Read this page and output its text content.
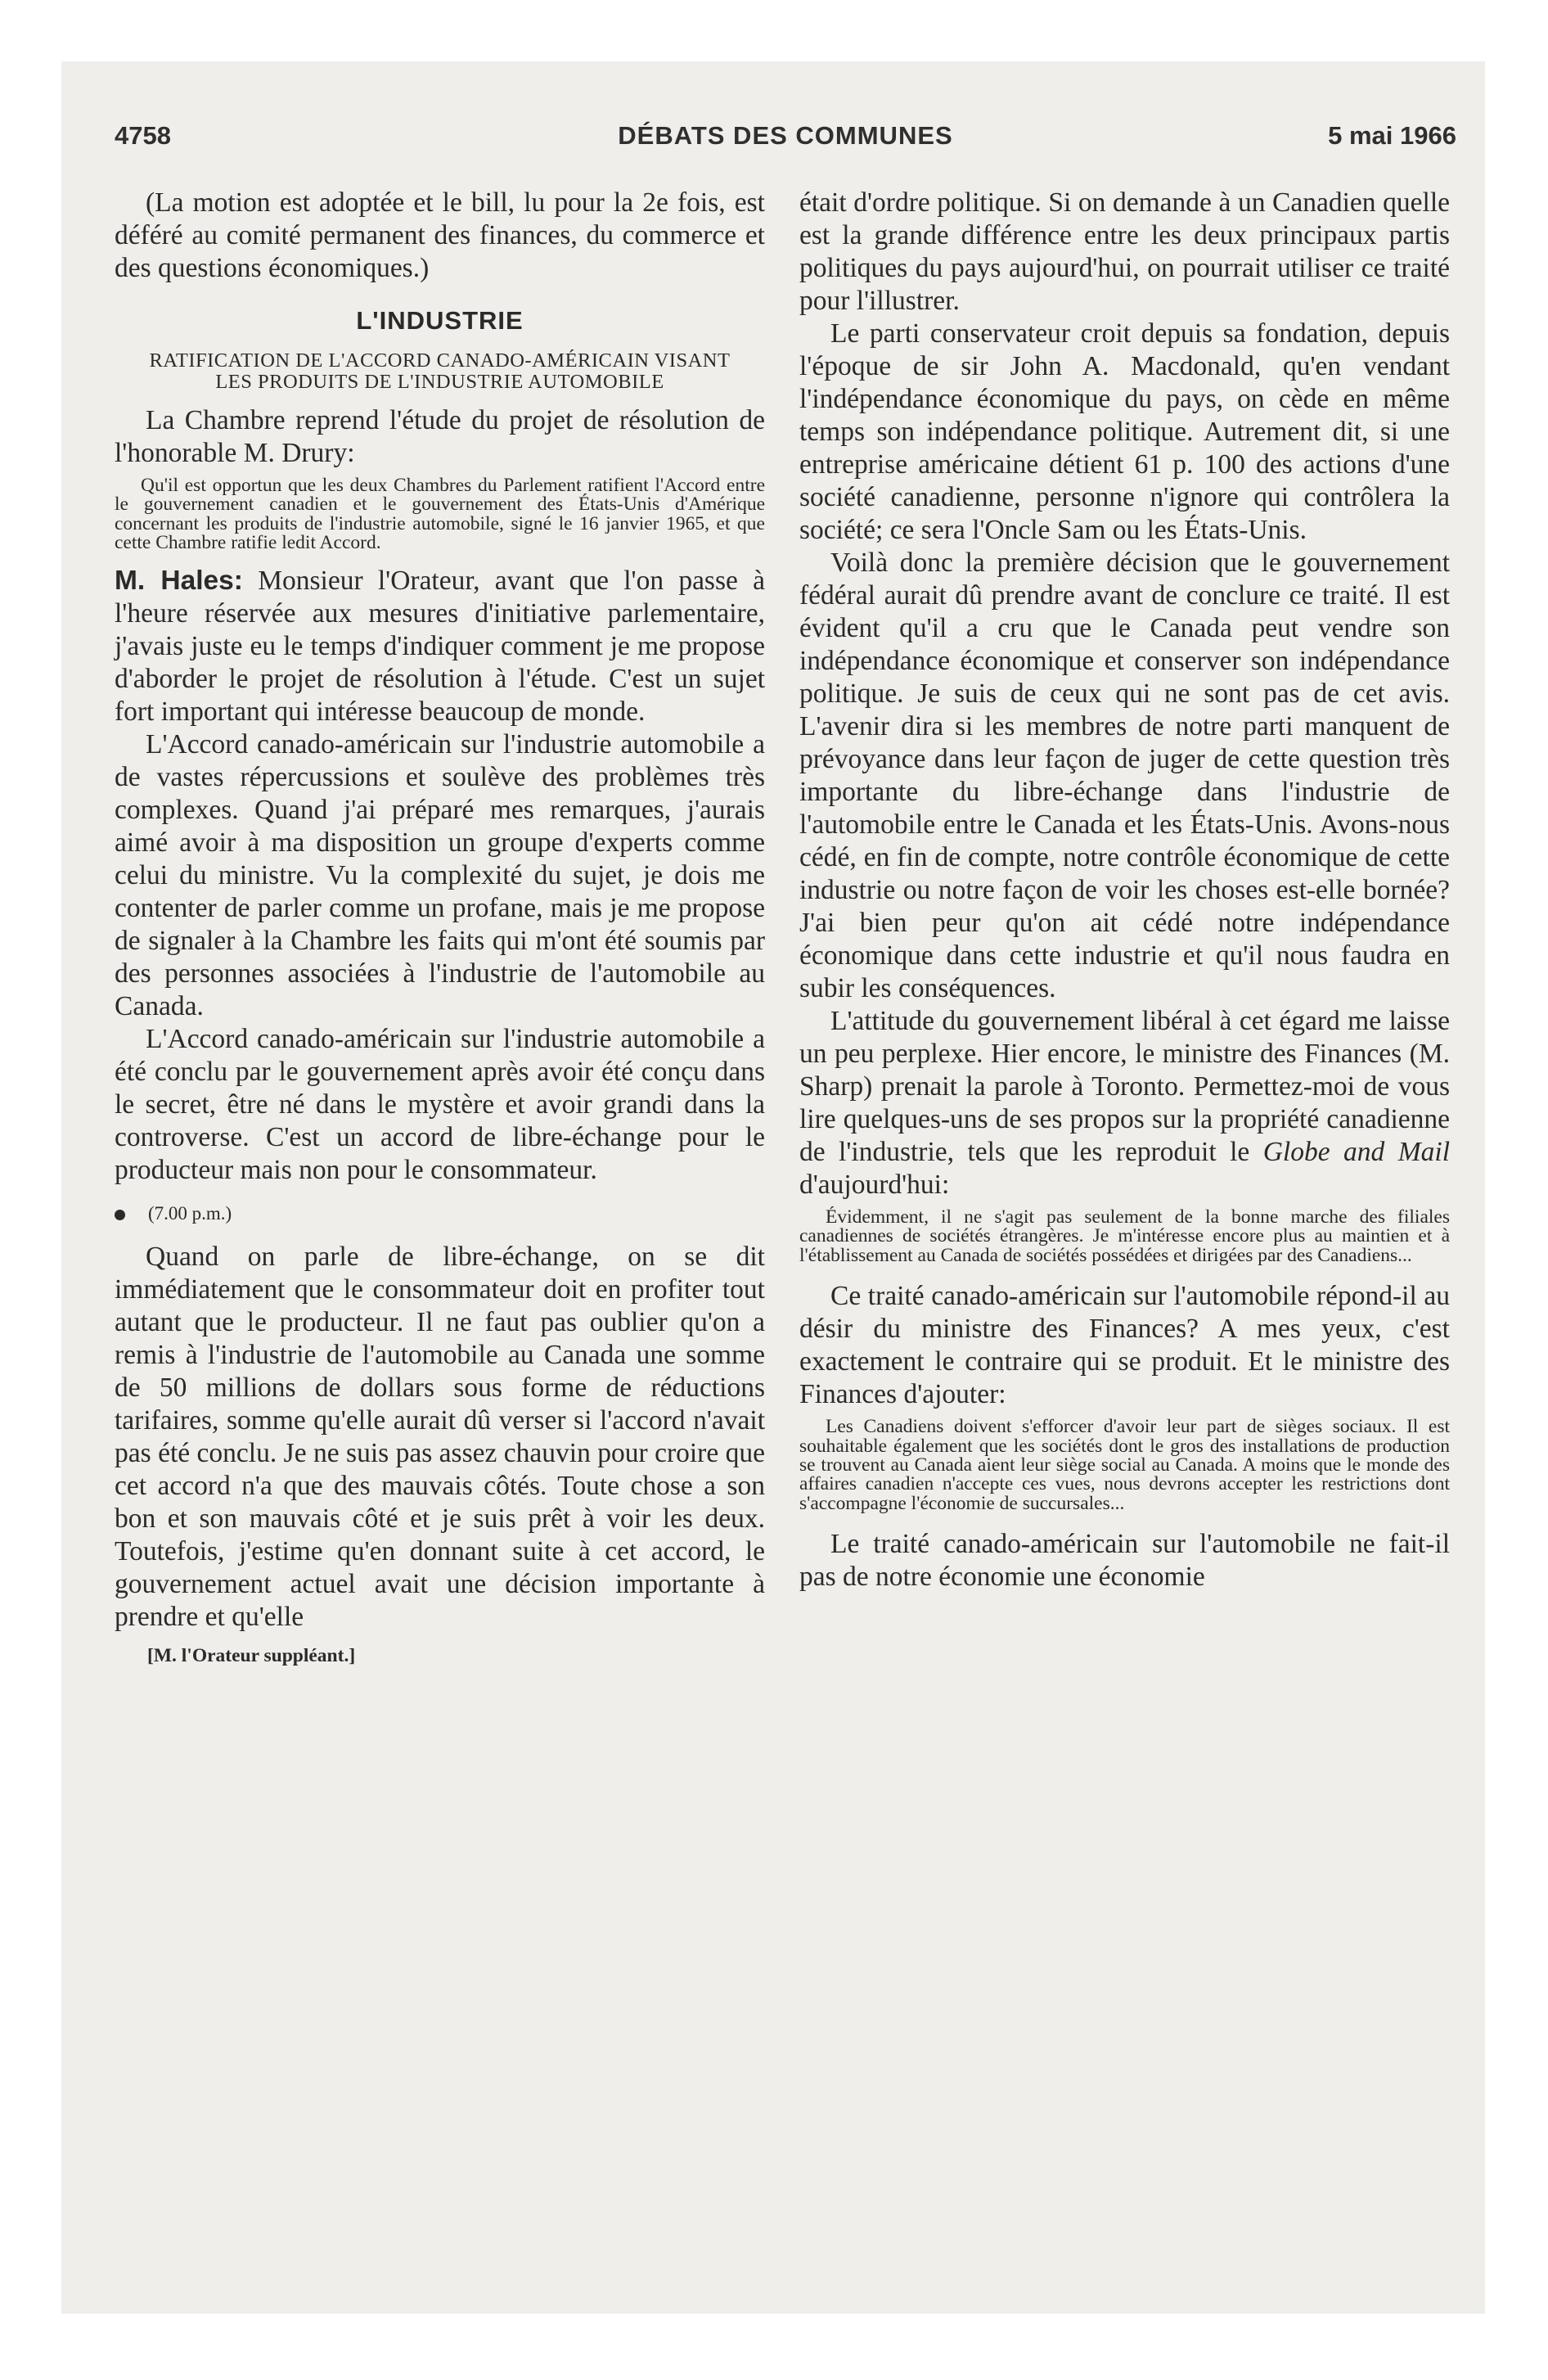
4758	DÉBATS DES COMMUNES	5 mai 1966

(La motion est adoptée et le bill, lu pour la 2e fois, est déféré au comité permanent des finances, du commerce et des questions économiques.)

L'INDUSTRIE
RATIFICATION DE L'ACCORD CANADO-AMÉRICAIN VISANT LES PRODUITS DE L'INDUSTRIE AUTOMOBILE

La Chambre reprend l'étude du projet de résolution de l'honorable M. Drury:

Qu'il est opportun que les deux Chambres du Parlement ratifient l'Accord entre le gouvernement canadien et le gouvernement des États-Unis d'Amérique concernant les produits de l'industrie automobile, signé le 16 janvier 1965, et que cette Chambre ratifie ledit Accord.

M. Hales: Monsieur l'Orateur, avant que l'on passe à l'heure réservée aux mesures d'initiative parlementaire, j'avais juste eu le temps d'indiquer comment je me propose d'aborder le projet de résolution à l'étude. C'est un sujet fort important qui intéresse beaucoup de monde.

L'Accord canado-américain sur l'industrie automobile a de vastes répercussions et soulève des problèmes très complexes. Quand j'ai préparé mes remarques, j'aurais aimé avoir à ma disposition un groupe d'experts comme celui du ministre. Vu la complexité du sujet, je dois me contenter de parler comme un profane, mais je me propose de signaler à la Chambre les faits qui m'ont été soumis par des personnes associées à l'industrie de l'automobile au Canada.

L'Accord canado-américain sur l'industrie automobile a été conclu par le gouvernement après avoir été conçu dans le secret, être né dans le mystère et avoir grandi dans la controverse. C'est un accord de libre-échange pour le producteur mais non pour le consommateur.

(7.00 p.m.)

Quand on parle de libre-échange, on se dit immédiatement que le consommateur doit en profiter tout autant que le producteur. Il ne faut pas oublier qu'on a remis à l'industrie de l'automobile au Canada une somme de 50 millions de dollars sous forme de réductions tarifaires, somme qu'elle aurait dû verser si l'accord n'avait pas été conclu. Je ne suis pas assez chauvin pour croire que cet accord n'a que des mauvais côtés. Toute chose a son bon et son mauvais côté et je suis prêt à voir les deux. Toutefois, j'estime qu'en donnant suite à cet accord, le gouvernement actuel avait une décision importante à prendre et qu'elle

[M. l'Orateur suppléant.]

était d'ordre politique. Si on demande à un Canadien quelle est la grande différence entre les deux principaux partis politiques du pays aujourd'hui, on pourrait utiliser ce traité pour l'illustrer.

Le parti conservateur croit depuis sa fondation, depuis l'époque de sir John A. Macdonald, qu'en vendant l'indépendance économique du pays, on cède en même temps son indépendance politique. Autrement dit, si une entreprise américaine détient 61 p. 100 des actions d'une société canadienne, personne n'ignore qui contrôlera la société; ce sera l'Oncle Sam ou les États-Unis.

Voilà donc la première décision que le gouvernement fédéral aurait dû prendre avant de conclure ce traité. Il est évident qu'il a cru que le Canada peut vendre son indépendance économique et conserver son indépendance politique. Je suis de ceux qui ne sont pas de cet avis. L'avenir dira si les membres de notre parti manquent de prévoyance dans leur façon de juger de cette question très importante du libre-échange dans l'industrie de l'automobile entre le Canada et les États-Unis. Avons-nous cédé, en fin de compte, notre contrôle économique de cette industrie ou notre façon de voir les choses est-elle bornée? J'ai bien peur qu'on ait cédé notre indépendance économique dans cette industrie et qu'il nous faudra en subir les conséquences.

L'attitude du gouvernement libéral à cet égard me laisse un peu perplexe. Hier encore, le ministre des Finances (M. Sharp) prenait la parole à Toronto. Permettez-moi de vous lire quelques-uns de ses propos sur la propriété canadienne de l'industrie, tels que les reproduit le Globe and Mail d'aujourd'hui:

Évidemment, il ne s'agit pas seulement de la bonne marche des filiales canadiennes de sociétés étrangères. Je m'intéresse encore plus au maintien et à l'établissement au Canada de sociétés possédées et dirigées par des Canadiens...

Ce traité canado-américain sur l'automobile répond-il au désir du ministre des Finances? A mes yeux, c'est exactement le contraire qui se produit. Et le ministre des Finances d'ajouter:

Les Canadiens doivent s'efforcer d'avoir leur part de sièges sociaux. Il est souhaitable également que les sociétés dont le gros des installations de production se trouvent au Canada aient leur siège social au Canada. A moins que le monde des affaires canadien n'accepte ces vues, nous devrons accepter les restrictions dont s'accompagne l'économie de succursales...

Le traité canado-américain sur l'automobile ne fait-il pas de notre économie une économie
